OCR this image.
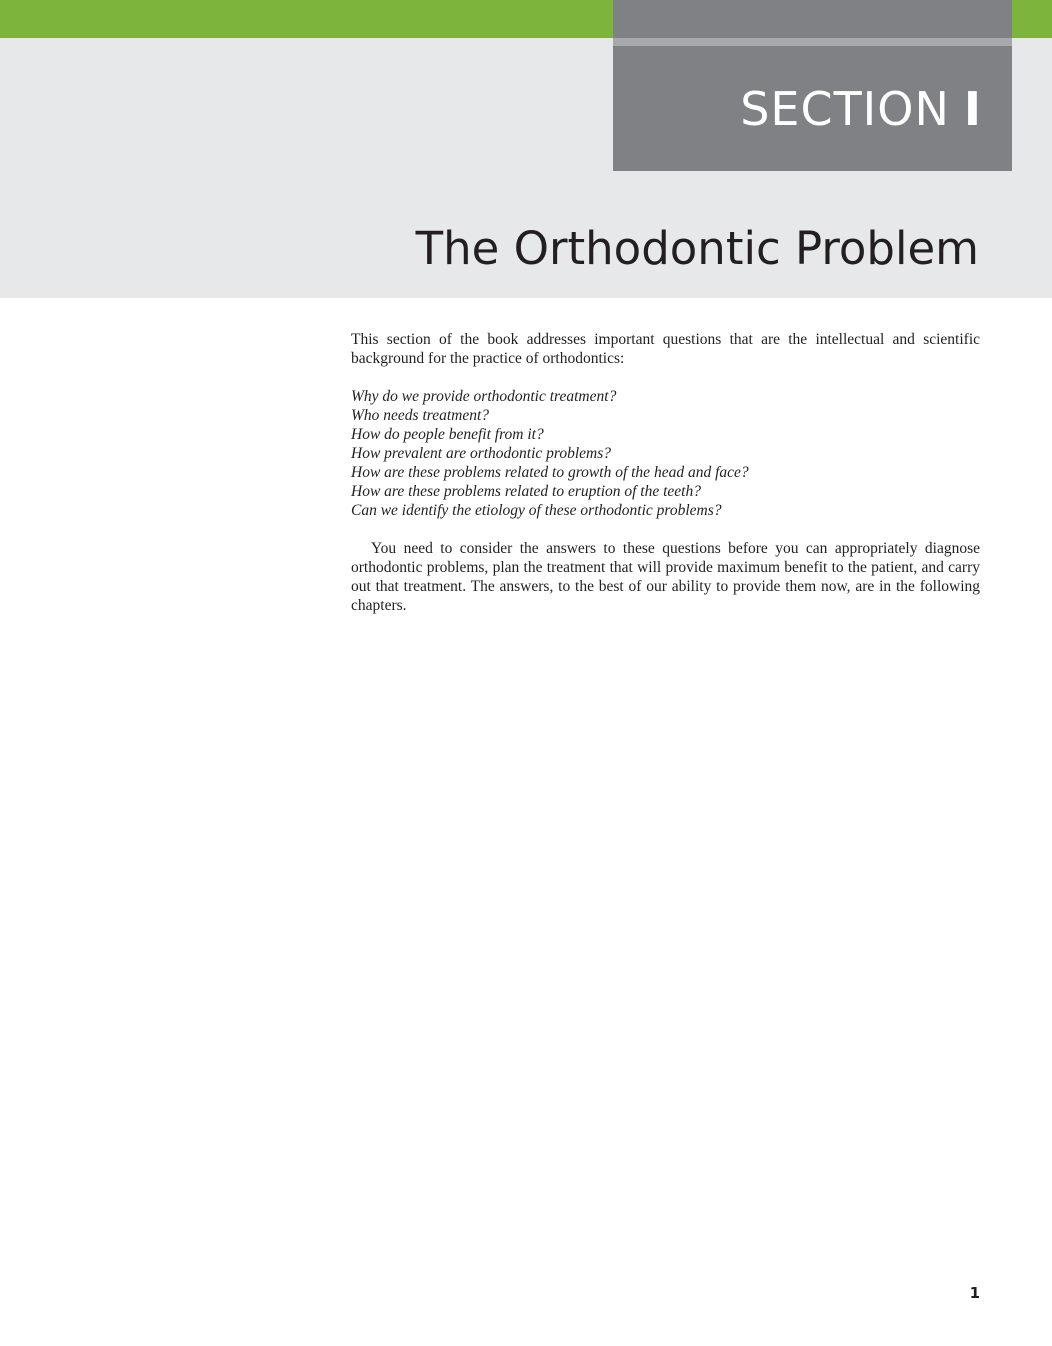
SECTION I
The Orthodontic Problem

This section of the book addresses important questions that are the intellectual and scientific background for the practice of orthodontics:

Why do we provide orthodontic treatment?
Who needs treatment?
How do people benefit from it?
How prevalent are orthodontic problems?
How are these problems related to growth of the head and face?
How are these problems related to eruption of the teeth?
Can we identify the etiology of these orthodontic problems?

You need to consider the answers to these questions before you can appropriately diagnose orthodontic problems, plan the treatment that will provide maximum benefit to the patient, and carry out that treatment. The answers, to the best of our ability to provide them now, are in the following chapters.

1
